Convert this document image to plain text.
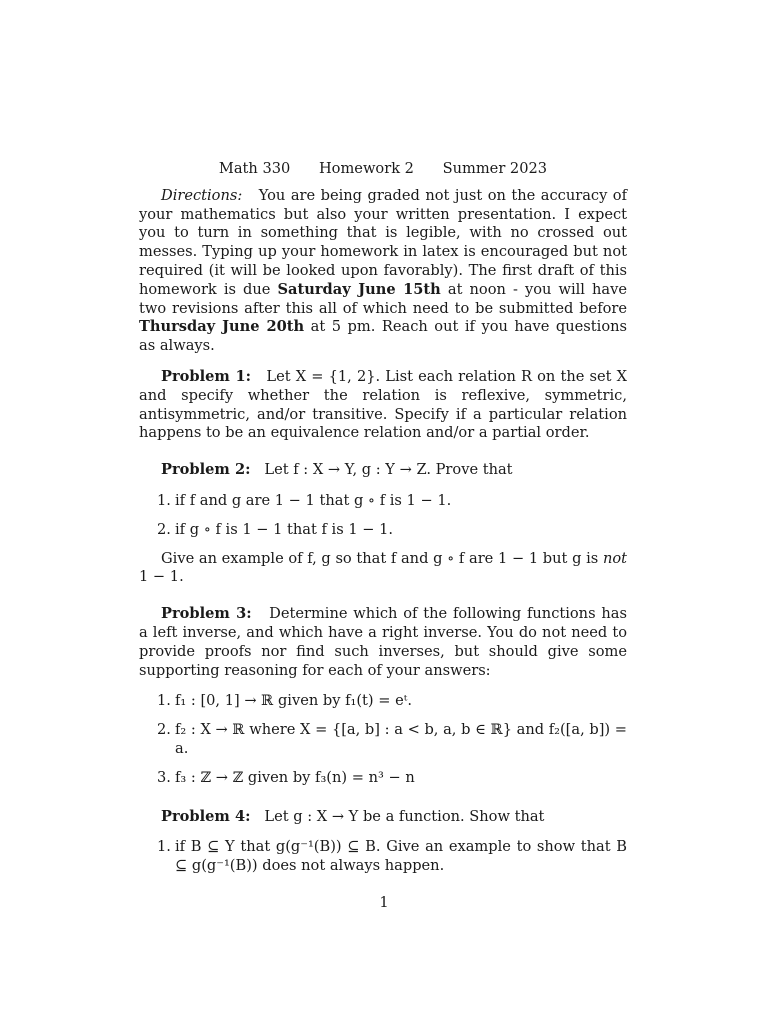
Math 330 Homework 2 Summer 2023

Directions: You are being graded not just on the accuracy of your mathematics but also your written presentation. I expect you to turn in something that is legible, with no crossed out messes. Typing up your homework in latex is encouraged but not required (it will be looked upon favorably). The first draft of this homework is due Saturday June 15th at noon - you will have two revisions after this all of which need to be submitted before Thursday June 20th at 5 pm. Reach out if you have questions as always.

Problem 1: Let X = {1, 2}. List each relation R on the set X and specify whether the relation is reflexive, symmetric, antisymmetric, and/or transitive. Specify if a particular relation happens to be an equivalence relation and/or a partial order.

Problem 2: Let f : X → Y, g : Y → Z. Prove that

1. if f and g are 1 − 1 that g ∘ f is 1 − 1.
2. if g ∘ f is 1 − 1 that f is 1 − 1.

Give an example of f, g so that f and g ∘ f are 1 − 1 but g is not 1 − 1.

Problem 3: Determine which of the following functions has a left inverse, and which have a right inverse. You do not need to provide proofs nor find such inverses, but should give some supporting reasoning for each of your answers:

1. f₁ : [0, 1] → ℝ given by f₁(t) = eᵗ.
2. f₂ : X → ℝ where X = {[a, b] : a < b, a, b ∈ ℝ} and f₂([a, b]) = a.
3. f₃ : ℤ → ℤ given by f₃(n) = n³ − n

Problem 4: Let g : X → Y be a function. Show that

1. if B ⊆ Y that g(g⁻¹(B)) ⊆ B. Give an example to show that B ⊆ g(g⁻¹(B)) does not always happen.
1
